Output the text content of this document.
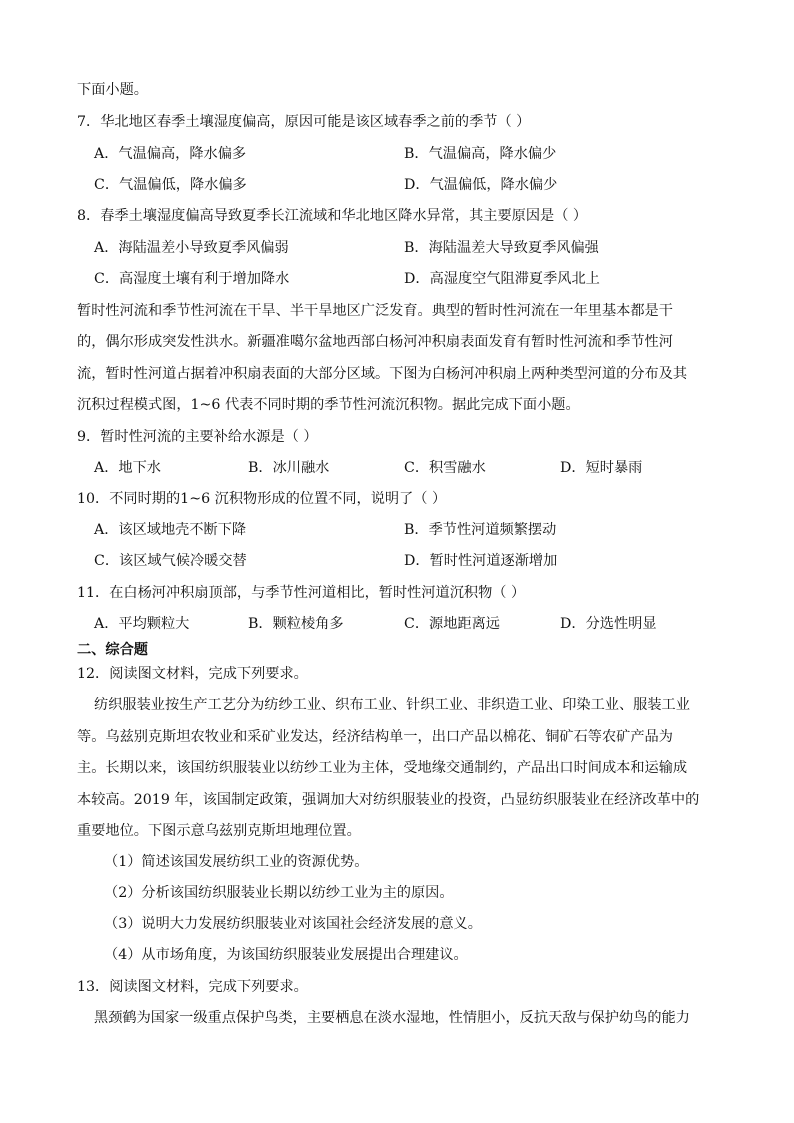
下面小题。
7．华北地区春季土壤湿度偏高，原因可能是该区域春季之前的季节（ ）
A．气温偏高，降水偏多	B．气温偏高，降水偏少
C．气温偏低，降水偏多	D．气温偏低，降水偏少
8．春季土壤湿度偏高导致夏季长江流域和华北地区降水异常，其主要原因是（ ）
A．海陆温差小导致夏季风偏弱	B．海陆温差大导致夏季风偏强
C．高湿度土壤有利于增加降水	D．高湿度空气阻滞夏季风北上
暂时性河流和季节性河流在干旱、半干旱地区广泛发育。典型的暂时性河流在一年里基本都是干
的，偶尔形成突发性洪水。新疆准噶尔盆地西部白杨河冲积扇表面发育有暂时性河流和季节性河
流，暂时性河道占据着冲积扇表面的大部分区域。下图为白杨河冲积扇上两种类型河道的分布及其
沉积过程模式图，1~6 代表不同时期的季节性河流沉积物。据此完成下面小题。
9．暂时性河流的主要补给水源是（ ）
A．地下水	B．冰川融水	C．积雪融水	D．短时暴雨
10．不同时期的1~6 沉积物形成的位置不同，说明了（ ）
A．该区域地壳不断下降	B．季节性河道频繁摆动
C．该区域气候冷暖交替	D．暂时性河道逐渐增加
11．在白杨河冲积扇顶部，与季节性河道相比，暂时性河道沉积物（ ）
A．平均颗粒大	B．颗粒棱角多	C．源地距离远	D．分选性明显
二、综合题
12．阅读图文材料，完成下列要求。
纺织服装业按生产工艺分为纺纱工业、织布工业、针织工业、非织造工业、印染工业、服装工业
等。乌兹别克斯坦农牧业和采矿业发达，经济结构单一，出口产品以棉花、铜矿石等农矿产品为
主。长期以来，该国纺织服装业以纺纱工业为主体，受地缘交通制约，产品出口时间成本和运输成
本较高。2019 年，该国制定政策，强调加大对纺织服装业的投资，凸显纺织服装业在经济改革中的
重要地位。下图示意乌兹别克斯坦地理位置。
（1）简述该国发展纺织工业的资源优势。
（2）分析该国纺织服装业长期以纺纱工业为主的原因。
（3）说明大力发展纺织服装业对该国社会经济发展的意义。
（4）从市场角度，为该国纺织服装业发展提出合理建议。
13．阅读图文材料，完成下列要求。
黑颈鹤为国家一级重点保护鸟类，主要栖息在淡水湿地，性情胆小，反抗天敌与保护幼鸟的能力
